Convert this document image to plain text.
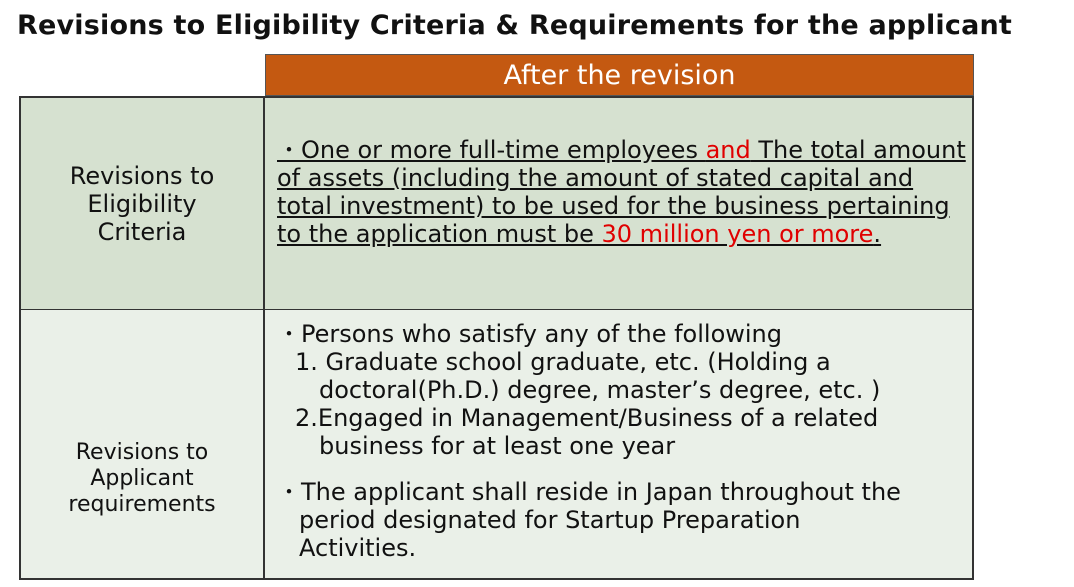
Revisions to Eligibility Criteria & Requirements for the applicant
After the revision
Revisions to
Eligibility
Criteria
・One or more full-time employees and The total amount of assets (including the amount of stated capital and total investment) to be used for the business pertaining to the application must be 30 million yen or more.
Revisions to
Applicant
requirements
・Persons who satisfy any of the following
1. Graduate school graduate, etc. (Holding a
doctoral(Ph.D.) degree, master’s degree, etc. )
2.Engaged in Management/Business of a related
business for at least one year
・The applicant shall reside in Japan throughout the
period designated for Startup Preparation
Activities.
